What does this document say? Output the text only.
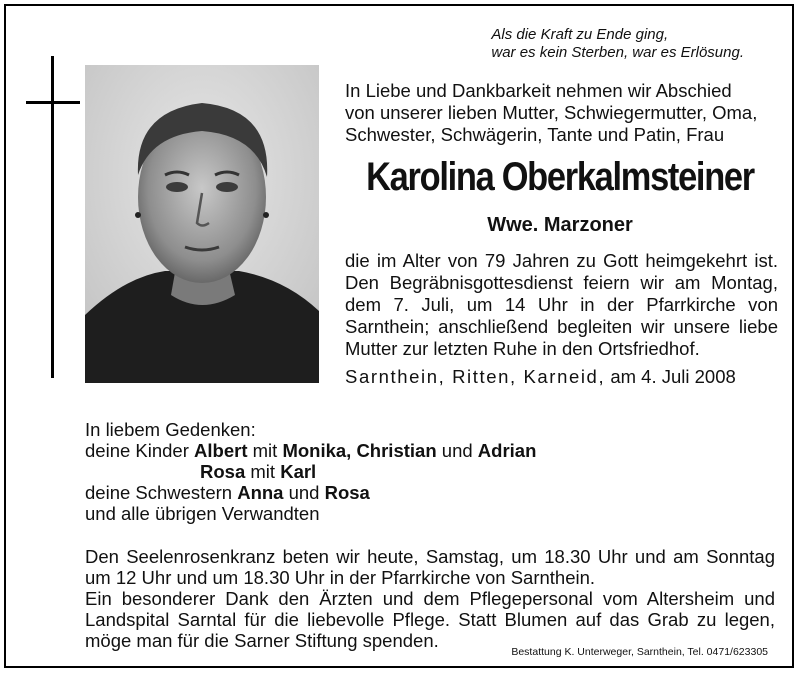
Als die Kraft zu Ende ging,
war es kein Sterben, war es Erlösung.
In Liebe und Dankbarkeit nehmen wir Abschied
von unserer lieben Mutter, Schwiegermutter, Oma,
Schwester, Schwägerin, Tante und Patin, Frau
Karolina Oberkalmsteiner
Wwe. Marzoner
die im Alter von 79 Jahren zu Gott heimgekehrt ist. Den Begräbnisgottesdienst feiern wir am Montag, dem 7. Juli, um 14 Uhr in der Pfarrkirche von Sarnthein; anschließend begleiten wir unsere liebe Mutter zur letzten Ruhe in den Ortsfriedhof.
Sarnthein, Ritten, Karneid, am 4. Juli 2008
In liebem Gedenken:
deine Kinder Albert mit Monika, Christian und Adrian
Rosa mit Karl
deine Schwestern Anna und Rosa
und alle übrigen Verwandten
Den Seelenrosenkranz beten wir heute, Samstag, um 18.30 Uhr und am Sonntag um 12 Uhr und um 18.30 Uhr in der Pfarrkirche von Sarnthein.
Ein besonderer Dank den Ärzten und dem Pflegepersonal vom Altersheim und Landspital Sarntal für die liebevolle Pflege. Statt Blumen auf das Grab zu legen, möge man für die Sarner Stiftung spenden.
Bestattung K. Unterweger, Sarnthein, Tel. 0471/623305
